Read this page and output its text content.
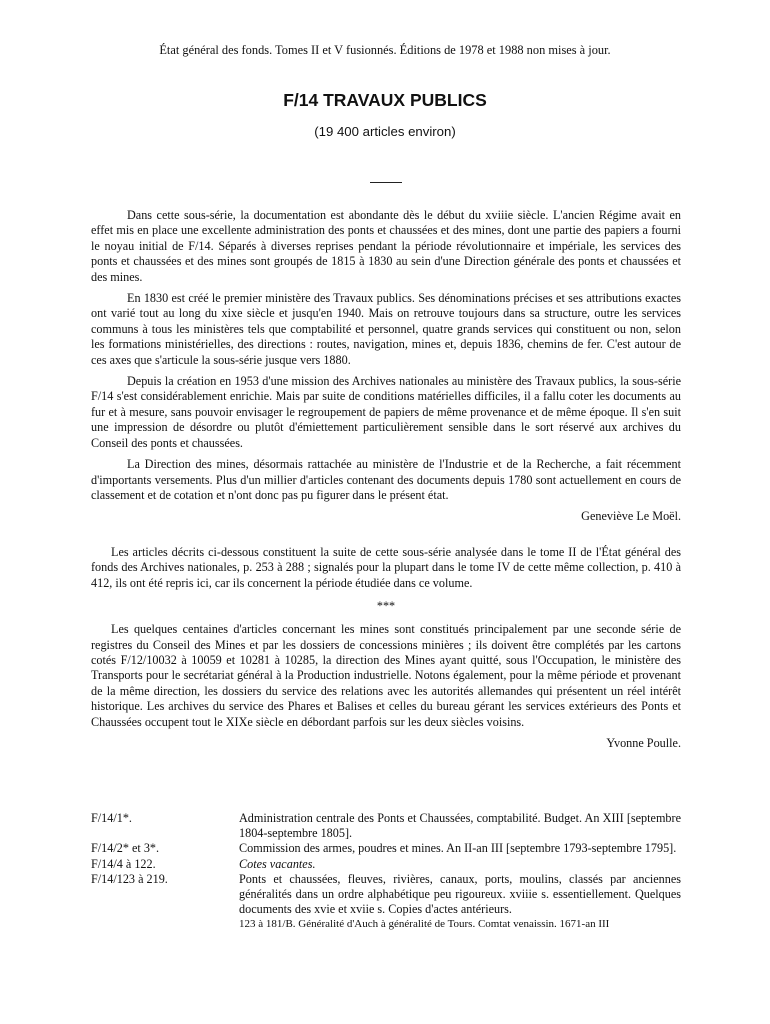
État général des fonds. Tomes II et V fusionnés. Éditions de 1978 et 1988 non mises à jour.
F/14 TRAVAUX PUBLICS
(19 400 articles environ)

Dans cette sous-série, la documentation est abondante dès le début du xviiie siècle. L'ancien Régime avait en effet mis en place une excellente administration des ponts et chaussées et des mines, dont une partie des papiers a fourni le noyau initial de F/14. Séparés à diverses reprises pendant la période révolutionnaire et impériale, les services des ponts et chaussées et des mines sont groupés de 1815 à 1830 au sein d'une Direction générale des ponts et chaussées et des mines.

En 1830 est créé le premier ministère des Travaux publics. Ses dénominations précises et ses attributions exactes ont varié tout au long du xixe siècle et jusqu'en 1940. Mais on retrouve toujours dans sa structure, outre les services communs à tous les ministères tels que comptabilité et personnel, quatre grands services qui constituent ou non, selon les formations ministérielles, des directions : routes, navigation, mines et, depuis 1836, chemins de fer. C'est autour de ces axes que s'articule la sous-série jusque vers 1880.

Depuis la création en 1953 d'une mission des Archives nationales au ministère des Travaux publics, la sous-série F/14 s'est considérablement enrichie. Mais par suite de conditions matérielles difficiles, il a fallu coter les documents au fur et à mesure, sans pouvoir envisager le regroupement de papiers de même provenance et de même époque. Il s'en suit une impression de désordre ou plutôt d'émiettement particulièrement sensible dans le sort réservé aux archives du Conseil des ponts et chaussées.

La Direction des mines, désormais rattachée au ministère de l'Industrie et de la Recherche, a fait récemment d'importants versements. Plus d'un millier d'articles contenant des documents depuis 1780 sont actuellement en cours de classement et de cotation et n'ont donc pas pu figurer dans le présent état.

Geneviève Le Moël.

Les articles décrits ci-dessous constituent la suite de cette sous-série analysée dans le tome II de l'État général des fonds des Archives nationales, p. 253 à 288 ; signalés pour la plupart dans le tome IV de cette même collection, p. 410 à 412, ils ont été repris ici, car ils concernent la période étudiée dans ce volume.

***

Les quelques centaines d'articles concernant les mines sont constitués principalement par une seconde série de registres du Conseil des Mines et par les dossiers de concessions minières ; ils doivent être complétés par les cartons cotés F/12/10032 à 10059 et 10281 à 10285, la direction des Mines ayant quitté, sous l'Occupation, le ministère des Transports pour le secrétariat général à la Production industrielle. Notons également, pour la même période et provenant de la même direction, les dossiers du service des relations avec les autorités allemandes qui présentent un réel intérêt historique. Les archives du service des Phares et Balises et celles du bureau gérant les services extérieurs des Ponts et Chaussées occupent tout le XIXe siècle en débordant parfois sur les deux siècles voisins.

Yvonne Poulle.
F/14/1*.	Administration centrale des Ponts et Chaussées, comptabilité. Budget. An XIII [septembre 1804-septembre 1805].
F/14/2* et 3*.	Commission des armes, poudres et mines. An II-an III [septembre 1793-septembre 1795].
F/14/4 à 122.	Cotes vacantes.
F/14/123 à 219.	Ponts et chaussées, fleuves, rivières, canaux, ports, moulins, classés par anciennes généralités dans un ordre alphabétique peu rigoureux. xviiie s. essentiellement. Quelques documents des xvie et xviie s. Copies d'actes antérieurs.
123 à 181/B. Généralité d'Auch à généralité de Tours. Comtat venaissin. 1671-an III
